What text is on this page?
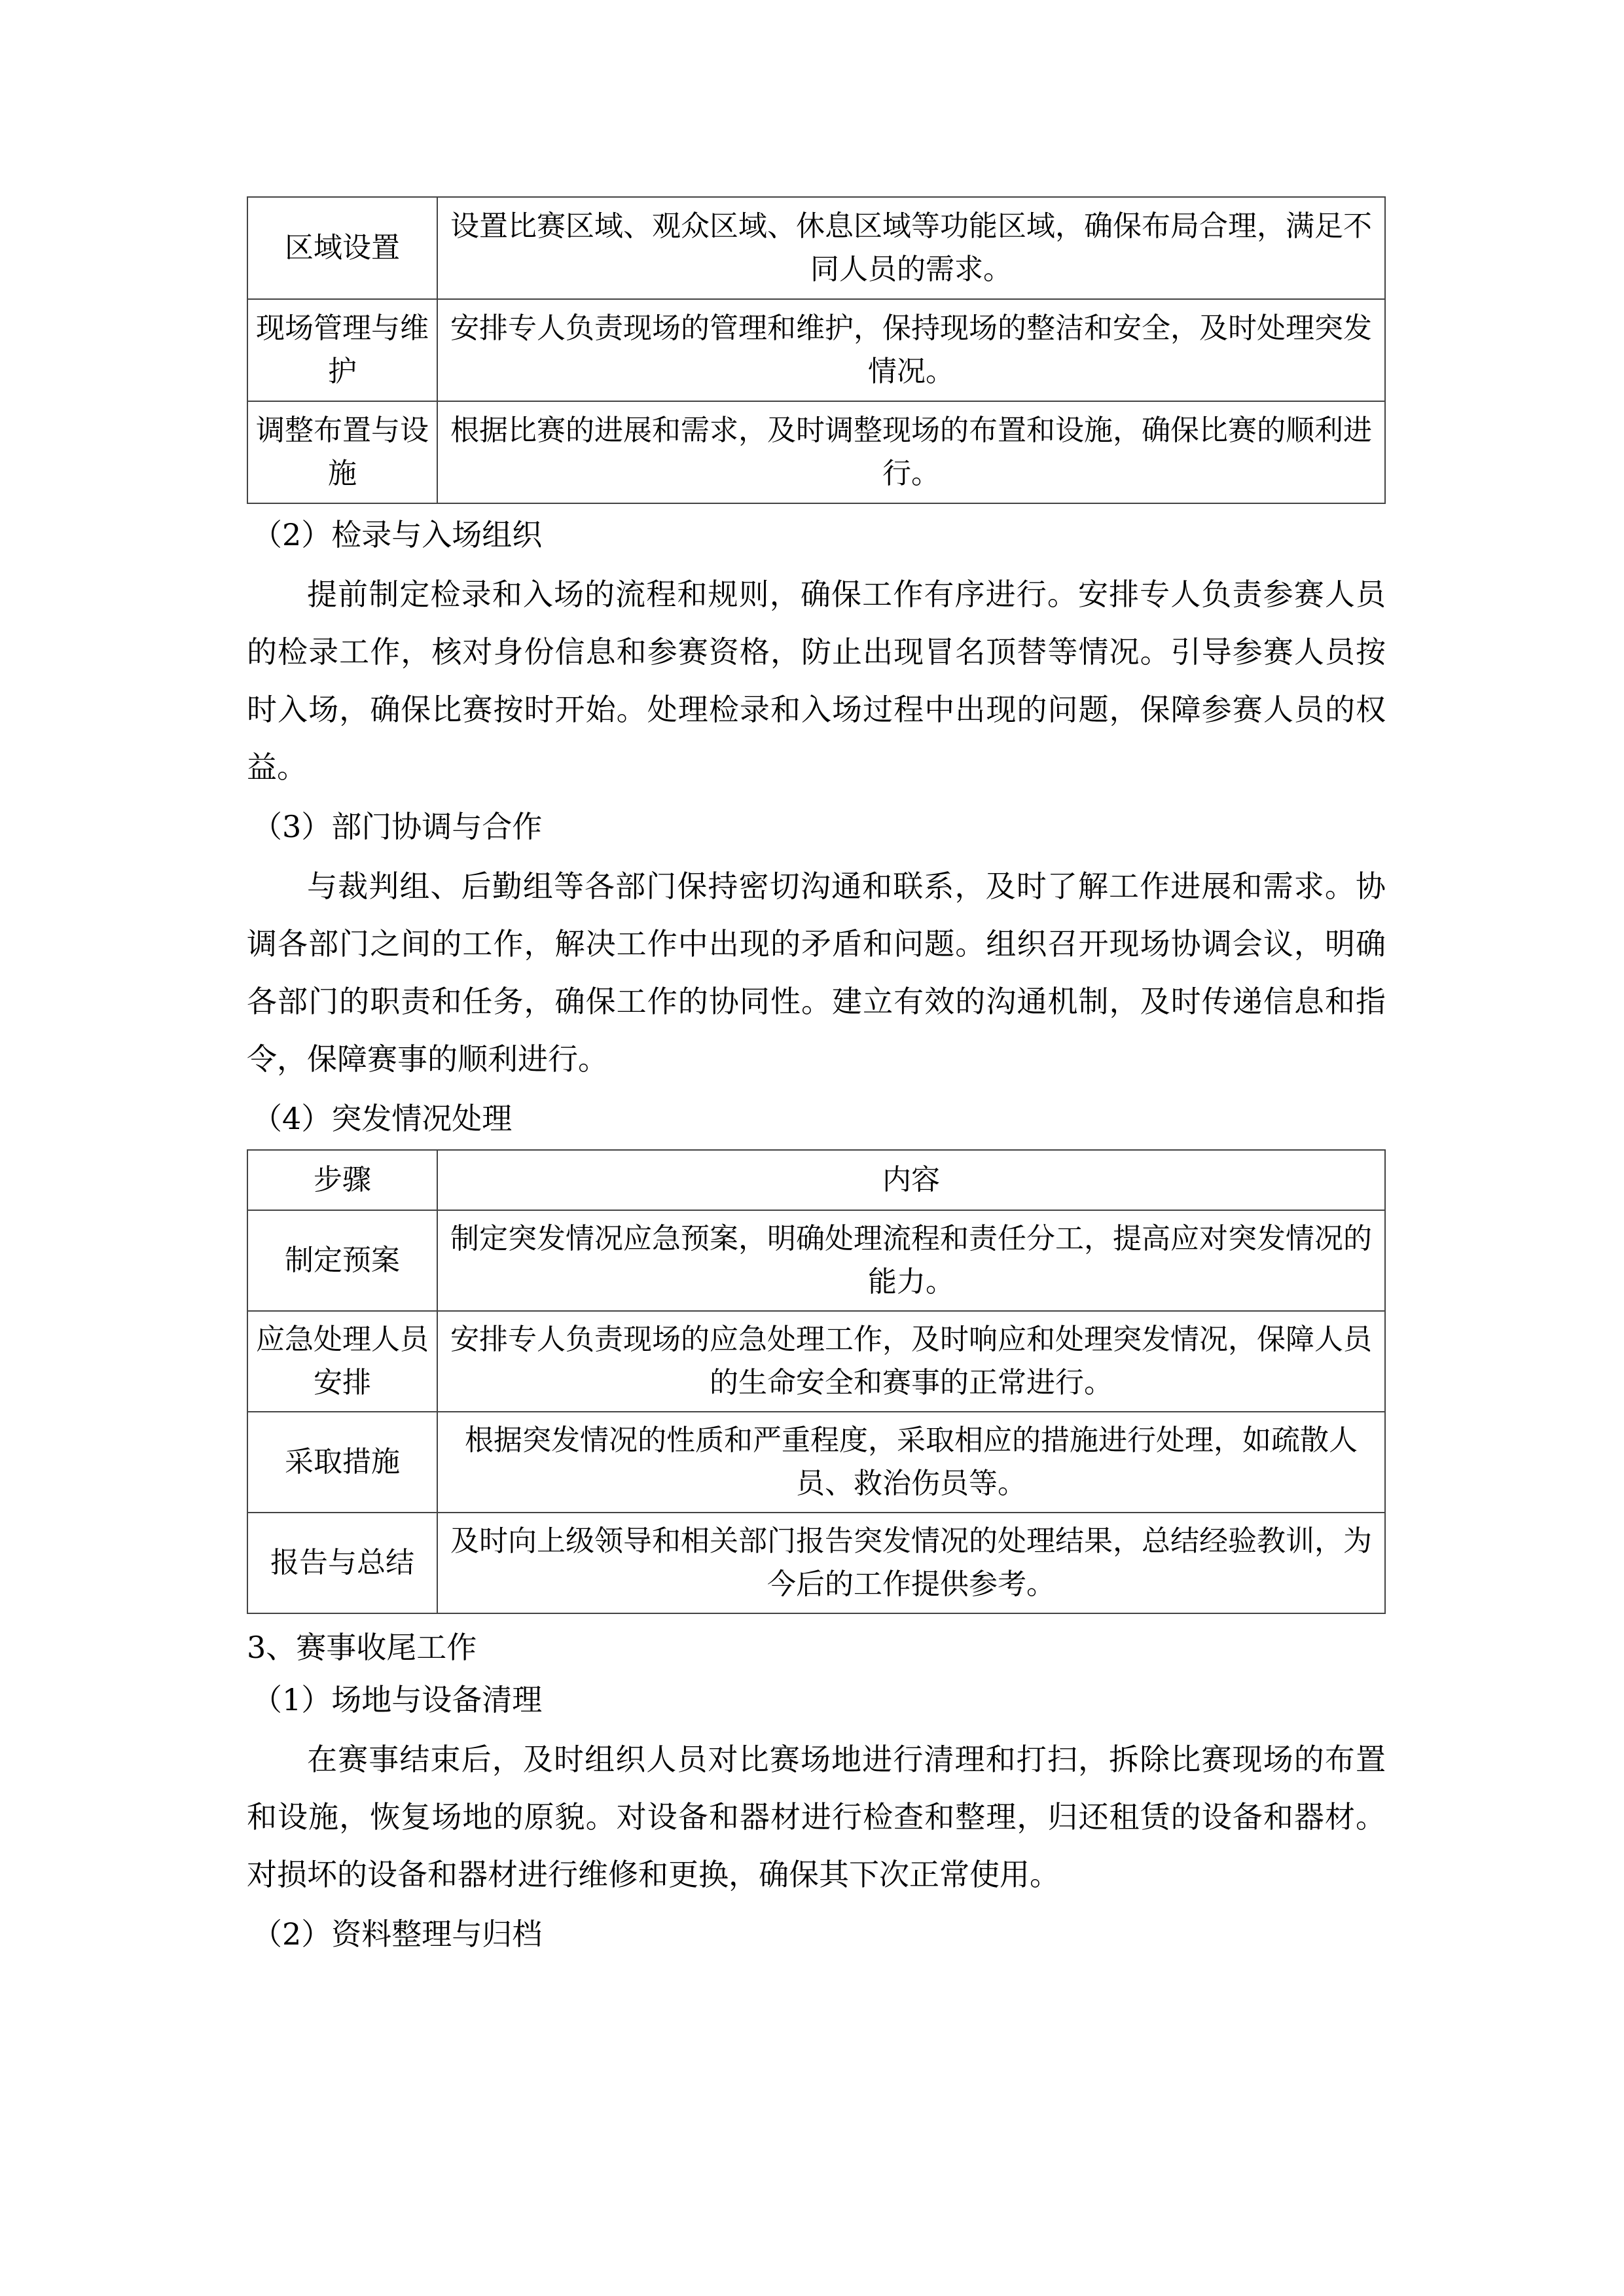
区域设置	设置比赛区域、观众区域、休息区域等功能区域，确保布局合理，满足不同人员的需求。
现场管理与维护	安排专人负责现场的管理和维护，保持现场的整洁和安全，及时处理突发情况。
调整布置与设施	根据比赛的进展和需求，及时调整现场的布置和设施，确保比赛的顺利进行。
（2）检录与入场组织

提前制定检录和入场的流程和规则，确保工作有序进行。安排专人负责参赛人员的检录工作，核对身份信息和参赛资格，防止出现冒名顶替等情况。引导参赛人员按时入场，确保比赛按时开始。处理检录和入场过程中出现的问题，保障参赛人员的权益。

（3）部门协调与合作

与裁判组、后勤组等各部门保持密切沟通和联系，及时了解工作进展和需求。协调各部门之间的工作，解决工作中出现的矛盾和问题。组织召开现场协调会议，明确各部门的职责和任务，确保工作的协同性。建立有效的沟通机制，及时传递信息和指令，保障赛事的顺利进行。

（4）突发情况处理
步骤	内容
制定预案	制定突发情况应急预案，明确处理流程和责任分工，提高应对突发情况的能力。
应急处理人员安排	安排专人负责现场的应急处理工作，及时响应和处理突发情况，保障人员的生命安全和赛事的正常进行。
采取措施	根据突发情况的性质和严重程度，采取相应的措施进行处理，如疏散人员、救治伤员等。
报告与总结	及时向上级领导和相关部门报告突发情况的处理结果，总结经验教训，为今后的工作提供参考。
3、赛事收尾工作
（1）场地与设备清理

在赛事结束后，及时组织人员对比赛场地进行清理和打扫，拆除比赛现场的布置和设施，恢复场地的原貌。对设备和器材进行检查和整理，归还租赁的设备和器材。对损坏的设备和器材进行维修和更换，确保其下次正常使用。

（2）资料整理与归档
